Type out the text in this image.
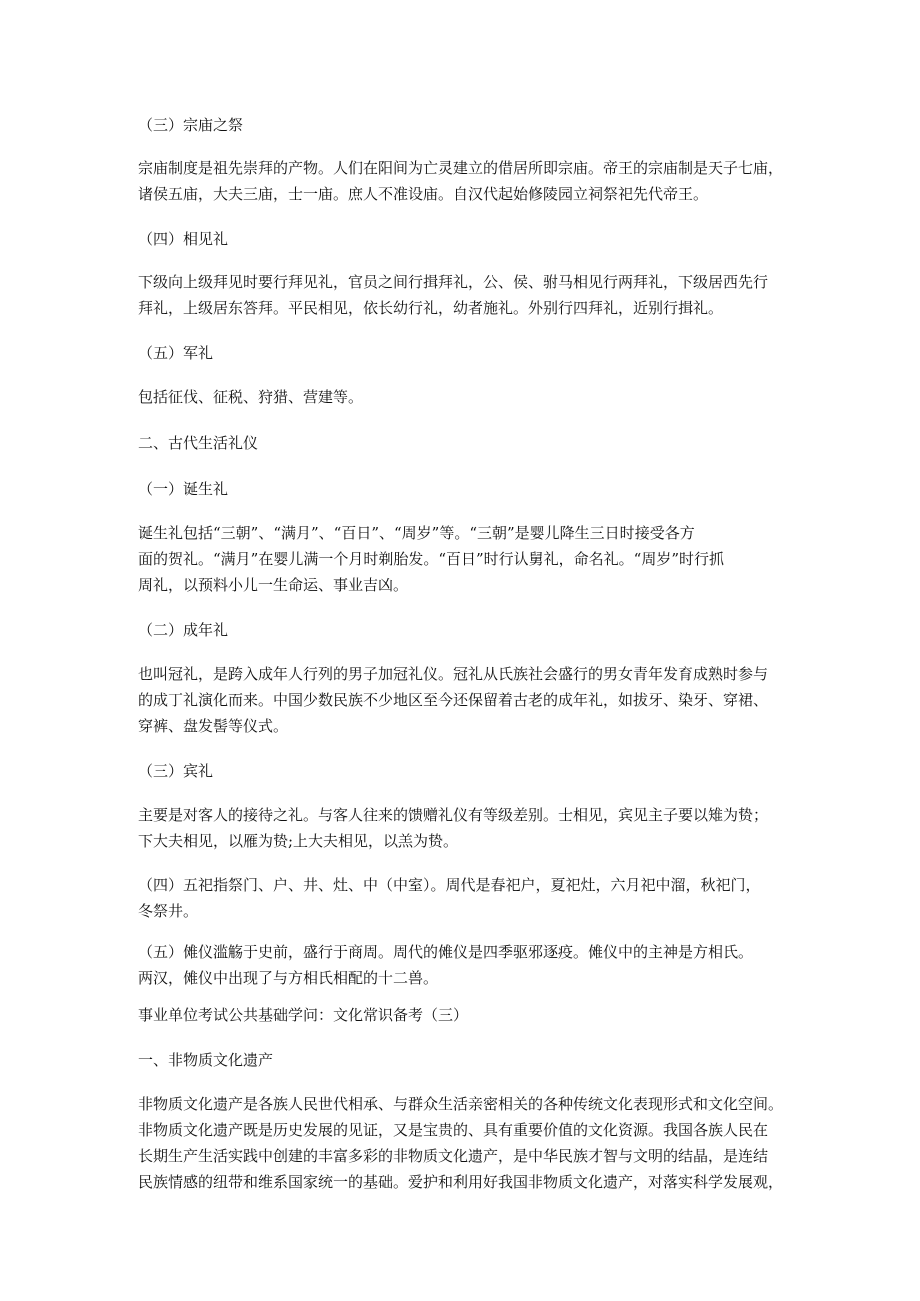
（三）宗庙之祭

宗庙制度是祖先崇拜的产物。人们在阳间为亡灵建立的借居所即宗庙。帝王的宗庙制是天子七庙，
诸侯五庙，大夫三庙，士一庙。庶人不准设庙。自汉代起始修陵园立祠祭祀先代帝王。

（四）相见礼

下级向上级拜见时要行拜见礼，官员之间行揖拜礼，公、侯、驸马相见行两拜礼，下级居西先行
拜礼，上级居东答拜。平民相见，依长幼行礼，幼者施礼。外别行四拜礼，近别行揖礼。

（五）军礼

包括征伐、征税、狩猎、营建等。

二、古代生活礼仪

（一）诞生礼

诞生礼包括“三朝”、“满月”、“百日”、“周岁”等。“三朝”是婴儿降生三日时接受各方
面的贺礼。“满月”在婴儿满一个月时剃胎发。“百日”时行认舅礼，命名礼。“周岁”时行抓
周礼，以预料小儿一生命运、事业吉凶。

（二）成年礼

也叫冠礼，是跨入成年人行列的男子加冠礼仪。冠礼从氏族社会盛行的男女青年发育成熟时参与
的成丁礼演化而来。中国少数民族不少地区至今还保留着古老的成年礼，如拔牙、染牙、穿裙、
穿裤、盘发髻等仪式。

（三）宾礼

主要是对客人的接待之礼。与客人往来的馈赠礼仪有等级差别。士相见，宾见主子要以雉为贽；
下大夫相见，以雁为贽;上大夫相见，以羔为贽。

（四）五祀指祭门、户、井、灶、中（中室）。周代是春祀户，夏祀灶，六月祀中溜，秋祀门，
冬祭井。

（五）傩仪滥觞于史前，盛行于商周。周代的傩仪是四季驱邪逐疫。傩仪中的主神是方相氏。
两汉，傩仪中出现了与方相氏相配的十二兽。

事业单位考试公共基础学问：文化常识备考（三）

一、非物质文化遗产

非物质文化遗产是各族人民世代相承、与群众生活亲密相关的各种传统文化表现形式和文化空间。
非物质文化遗产既是历史发展的见证，又是宝贵的、具有重要价值的文化资源。我国各族人民在
长期生产生活实践中创建的丰富多彩的非物质文化遗产，是中华民族才智与文明的结晶，是连结
民族情感的纽带和维系国家统一的基础。爱护和利用好我国非物质文化遗产，对落实科学发展观，
